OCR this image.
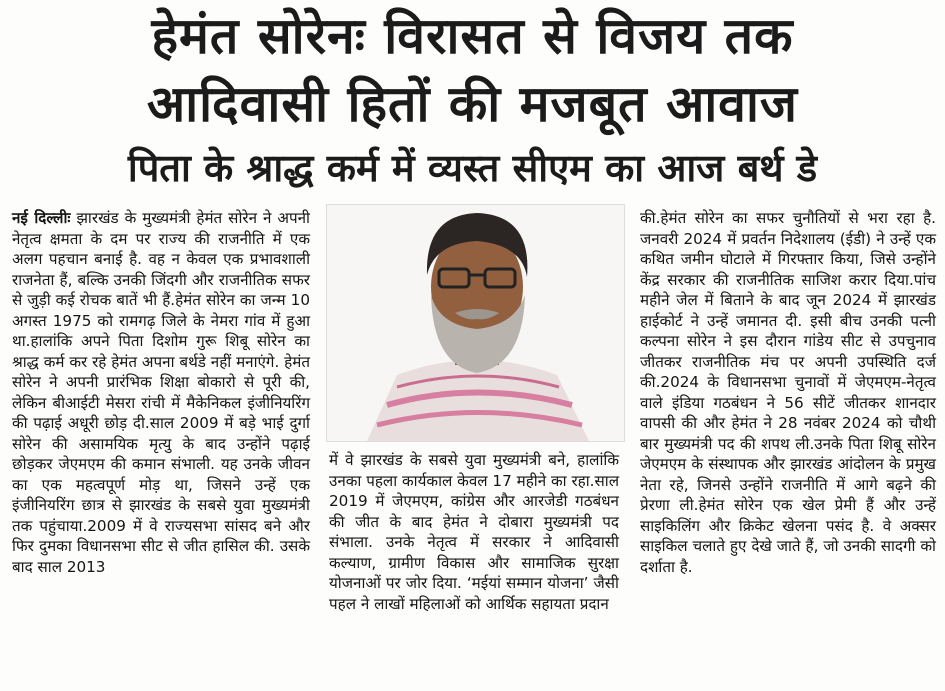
हेमंत सोरेनः विरासत से विजय तक
आदिवासी हितों की मजबूत आवाज
पिता के श्राद्ध कर्म में व्यस्त सीएम का आज बर्थ डे
नई दिल्लीः झारखंड के मुख्यमंत्री हेमंत सोरेन ने अपनी नेतृत्व क्षमता के दम पर राज्य की राजनीति में एक अलग पहचान बनाई है. वह न केवल एक प्रभावशाली राजनेता हैं, बल्कि उनकी जिंदगी और राजनीतिक सफर से जुड़ी कई रोचक बातें भी हैं.हेमंत सोरेन का जन्म 10 अगस्त 1975 को रामगढ़ जिले के नेमरा गांव में हुआ था.हालांकि अपने पिता दिशोम गुरू शिबू सोरेन का श्राद्ध कर्म कर रहे हेमंत अपना बर्थडे नहीं मनाएंगे. हेमंत सोरेन ने अपनी प्रारंभिक शिक्षा बोकारो से पूरी की, लेकिन बीआईटी मेसरा रांची में मैकेनिकल इंजीनियरिंग की पढ़ाई अधूरी छोड़ दी.साल 2009 में बड़े भाई दुर्गा सोरेन की असामयिक मृत्यु के बाद उन्होंने पढ़ाई छोड़कर जेएमएम की कमान संभाली. यह उनके जीवन का एक महत्वपूर्ण मोड़ था, जिसने उन्हें एक इंजीनियरिंग छात्र से झारखंड के सबसे युवा मुख्यमंत्री तक पहुंचाया.2009 में वे राज्यसभा सांसद बने और फिर दुमका विधानसभा सीट से जीत हासिल की. उसके बाद साल 2013
में वे झारखंड के सबसे युवा मुख्यमंत्री बने, हालांकि उनका पहला कार्यकाल केवल 17 महीने का रहा.साल 2019 में जेएमएम, कांग्रेस और आरजेडी गठबंधन की जीत के बाद हेमंत ने दोबारा मुख्यमंत्री पद संभाला. उनके नेतृत्व में सरकार ने आदिवासी कल्याण, ग्रामीण विकास और सामाजिक सुरक्षा योजनाओं पर जोर दिया. ‘मईयां सम्मान योजना’ जैसी पहल ने लाखों महिलाओं को आर्थिक सहायता प्रदान
की.हेमंत सोरेन का सफर चुनौतियों से भरा रहा है. जनवरी 2024 में प्रवर्तन निदेशालय (ईडी) ने उन्हें एक कथित जमीन घोटाले में गिरफ्तार किया, जिसे उन्होंने केंद्र सरकार की राजनीतिक साजिश करार दिया.पांच महीने जेल में बिताने के बाद जून 2024 में झारखंड हाईकोर्ट ने उन्हें जमानत दी. इसी बीच उनकी पत्नी कल्पना सोरेन ने इस दौरान गांडेय सीट से उपचुनाव जीतकर राजनीतिक मंच पर अपनी उपस्थिति दर्ज की.2024 के विधानसभा चुनावों में जेएमएम-नेतृत्व वाले इंडिया गठबंधन ने 56 सीटें जीतकर शानदार वापसी की और हेमंत ने 28 नवंबर 2024 को चौथी बार मुख्यमंत्री पद की शपथ ली.उनके पिता शिबू सोरेन जेएमएम के संस्थापक और झारखंड आंदोलन के प्रमुख नेता रहे, जिनसे उन्होंने राजनीति में आगे बढ़ने की प्रेरणा ली.हेमंत सोरेन एक खेल प्रेमी हैं और उन्हें साइकिलिंग और क्रिकेट खेलना पसंद है. वे अक्सर साइकिल चलाते हुए देखे जाते हैं, जो उनकी सादगी को दर्शाता है.
